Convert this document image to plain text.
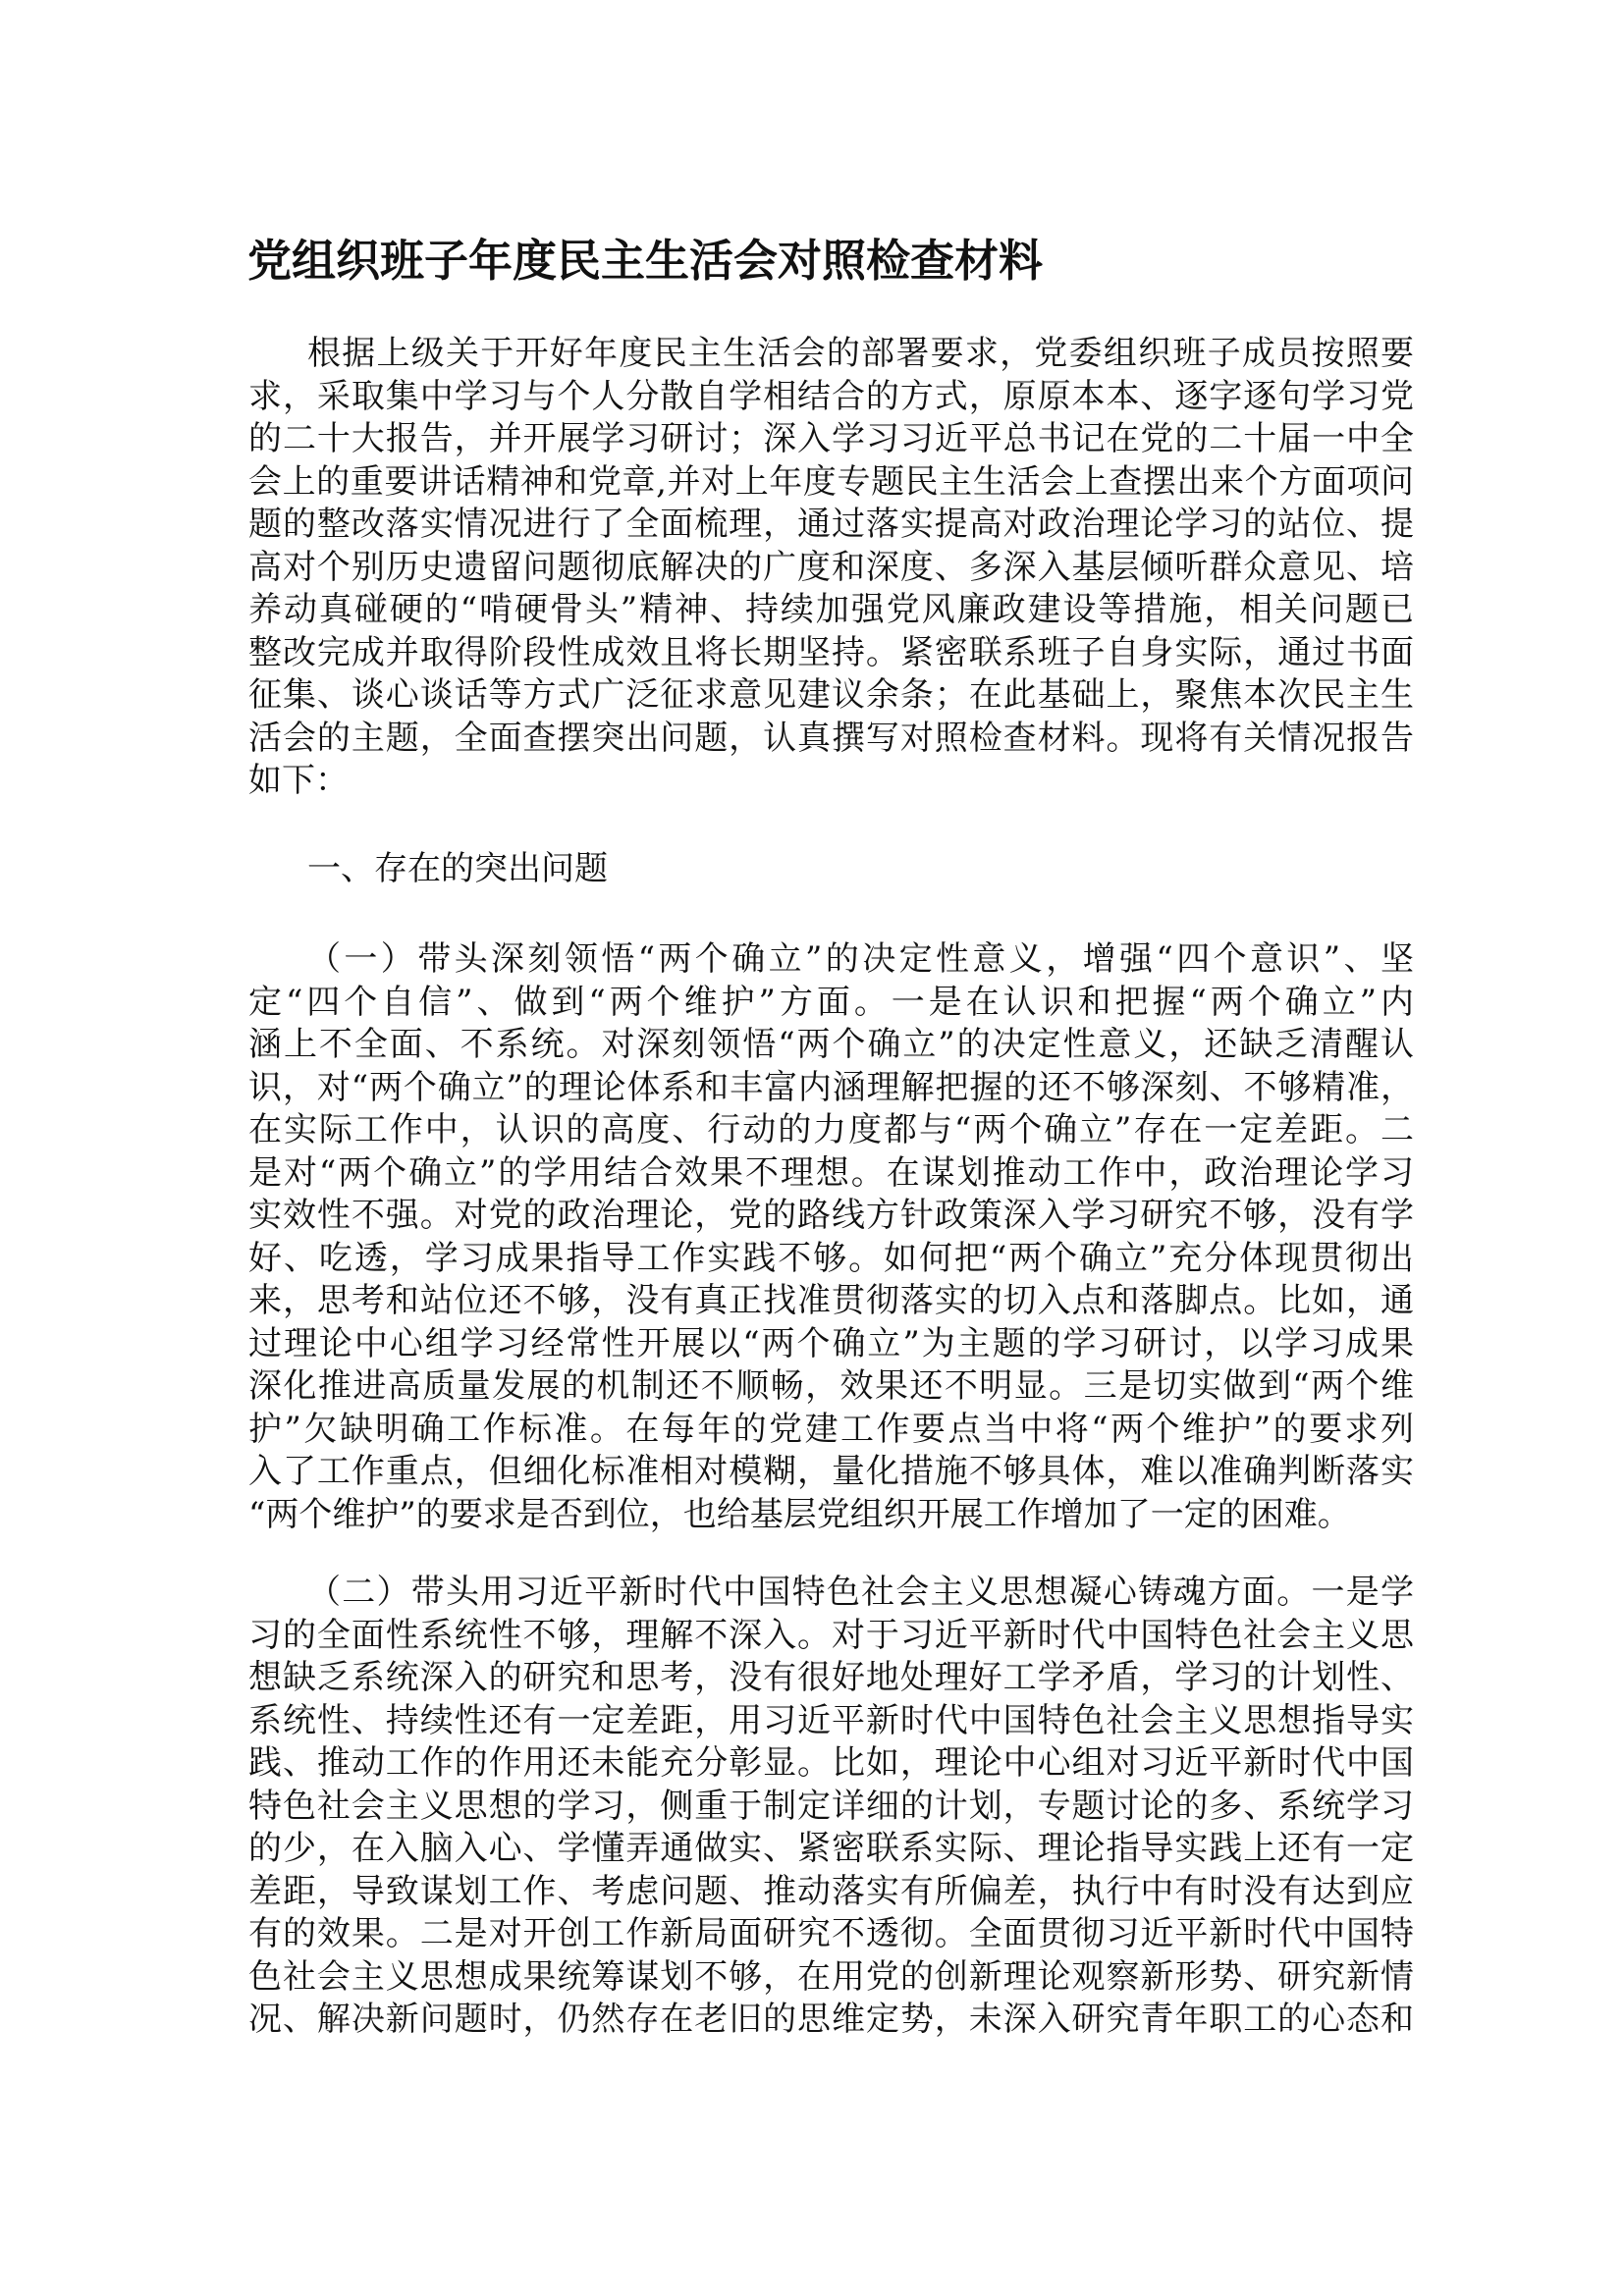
党组织班子年度民主生活会对照检查材料
根据上级关于开好年度民主生活会的部署要求，党委组织班子成员按照要
求，采取集中学习与个人分散自学相结合的方式，原原本本、逐字逐句学习党
的二十大报告，并开展学习研讨；深入学习习近平总书记在党的二十届一中全
会上的重要讲话精神和党章,并对上年度专题民主生活会上查摆出来个方面项问
题的整改落实情况进行了全面梳理，通过落实提高对政治理论学习的站位、提
高对个别历史遗留问题彻底解决的广度和深度、多深入基层倾听群众意见、培
养动真碰硬的“啃硬骨头”精神、持续加强党风廉政建设等措施，相关问题已
整改完成并取得阶段性成效且将长期坚持。紧密联系班子自身实际，通过书面
征集、谈心谈话等方式广泛征求意见建议余条；在此基础上，聚焦本次民主生
活会的主题，全面查摆突出问题，认真撰写对照检查材料。现将有关情况报告
如下：
一、存在的突出问题
（一）带头深刻领悟“两个确立”的决定性意义，增强“四个意识”、坚
定“四个自信”、做到“两个维护”方面。一是在认识和把握“两个确立”内
涵上不全面、不系统。对深刻领悟“两个确立”的决定性意义，还缺乏清醒认
识，对“两个确立”的理论体系和丰富内涵理解把握的还不够深刻、不够精准，
在实际工作中，认识的高度、行动的力度都与“两个确立”存在一定差距。二
是对“两个确立”的学用结合效果不理想。在谋划推动工作中，政治理论学习
实效性不强。对党的政治理论，党的路线方针政策深入学习研究不够，没有学
好、吃透，学习成果指导工作实践不够。如何把“两个确立”充分体现贯彻出
来，思考和站位还不够，没有真正找准贯彻落实的切入点和落脚点。比如，通
过理论中心组学习经常性开展以“两个确立”为主题的学习研讨，以学习成果
深化推进高质量发展的机制还不顺畅，效果还不明显。三是切实做到“两个维
护”欠缺明确工作标准。在每年的党建工作要点当中将“两个维护”的要求列
入了工作重点，但细化标准相对模糊，量化措施不够具体，难以准确判断落实
“两个维护”的要求是否到位，也给基层党组织开展工作增加了一定的困难。
（二）带头用习近平新时代中国特色社会主义思想凝心铸魂方面。一是学
习的全面性系统性不够，理解不深入。对于习近平新时代中国特色社会主义思
想缺乏系统深入的研究和思考，没有很好地处理好工学矛盾，学习的计划性、
系统性、持续性还有一定差距，用习近平新时代中国特色社会主义思想指导实
践、推动工作的作用还未能充分彰显。比如，理论中心组对习近平新时代中国
特色社会主义思想的学习，侧重于制定详细的计划，专题讨论的多、系统学习
的少，在入脑入心、学懂弄通做实、紧密联系实际、理论指导实践上还有一定
差距，导致谋划工作、考虑问题、推动落实有所偏差，执行中有时没有达到应
有的效果。二是对开创工作新局面研究不透彻。全面贯彻习近平新时代中国特
色社会主义思想成果统筹谋划不够，在用党的创新理论观察新形势、研究新情
况、解决新问题时，仍然存在老旧的思维定势，未深入研究青年职工的心态和
